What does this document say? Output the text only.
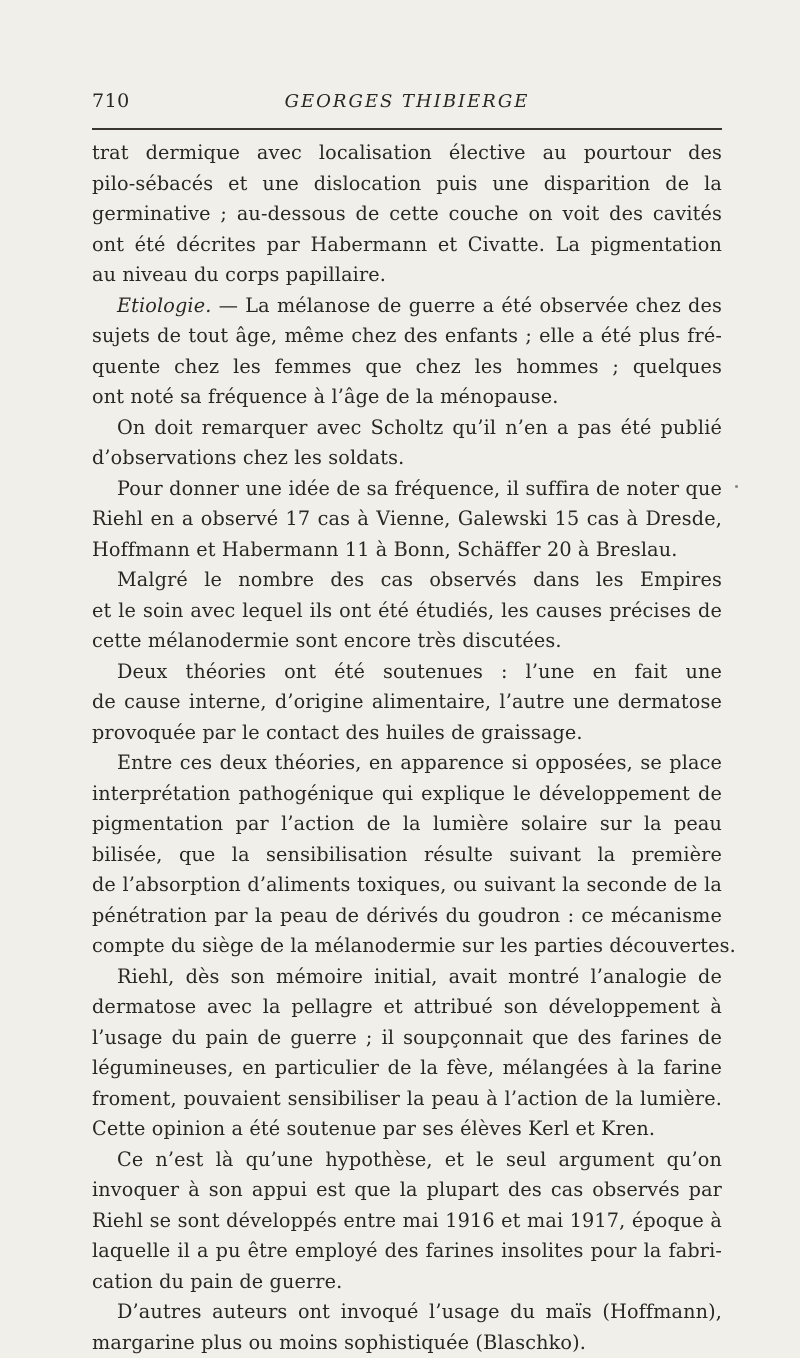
710	GEORGES THIBIERGE
trat dermique avec localisation élective au pourtour des
pilo-sébacés et une dislocation puis une disparition de la
germinative ; au-dessous de cette couche on voit des cavités
ont été décrites par Habermann et Civatte. La pigmentation
au niveau du corps papillaire.
Etiologie. — La mélanose de guerre a été observée chez des
sujets de tout âge, même chez des enfants ; elle a été plus fré-
quente chez les femmes que chez les hommes ; quelques
ont noté sa fréquence à l’âge de la ménopause.
On doit remarquer avec Scholtz qu’il n’en a pas été publié
d’observations chez les soldats.
Pour donner une idée de sa fréquence, il suffira de noter que
Riehl en a observé 17 cas à Vienne, Galewski 15 cas à Dresde,
Hoffmann et Habermann 11 à Bonn, Schäffer 20 à Breslau.
Malgré le nombre des cas observés dans les Empires
et le soin avec lequel ils ont été étudiés, les causes précises de
cette mélanodermie sont encore très discutées.
Deux théories ont été soutenues : l’une en fait une
de cause interne, d’origine alimentaire, l’autre une dermatose
provoquée par le contact des huiles de graissage.
Entre ces deux théories, en apparence si opposées, se place
interprétation pathogénique qui explique le développement de
pigmentation par l’action de la lumière solaire sur la peau
bilisée, que la sensibilisation résulte suivant la première
de l’absorption d’aliments toxiques, ou suivant la seconde de la
pénétration par la peau de dérivés du goudron : ce mécanisme
compte du siège de la mélanodermie sur les parties découvertes.
Riehl, dès son mémoire initial, avait montré l’analogie de
dermatose avec la pellagre et attribué son développement à
l’usage du pain de guerre ; il soupçonnait que des farines de
légumineuses, en particulier de la fève, mélangées à la farine
froment, pouvaient sensibiliser la peau à l’action de la lumière.
Cette opinion a été soutenue par ses élèves Kerl et Kren.
Ce n’est là qu’une hypothèse, et le seul argument qu’on
invoquer à son appui est que la plupart des cas observés par
Riehl se sont développés entre mai 1916 et mai 1917, époque à
laquelle il a pu être employé des farines insolites pour la fabri-
cation du pain de guerre.
D’autres auteurs ont invoqué l’usage du maïs (Hoffmann),
margarine plus ou moins sophistiquée (Blaschko).
